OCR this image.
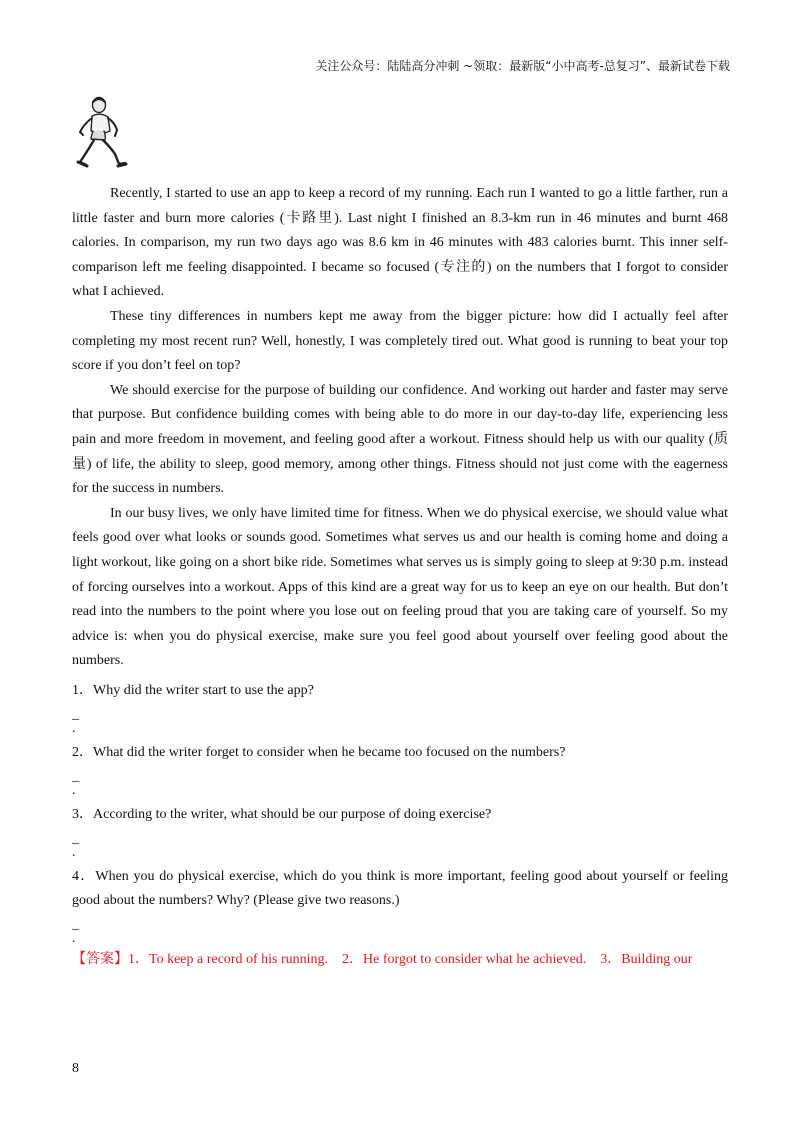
关注公众号：陆陆高分冲刺 ~领取：最新版“小中高考-总复习”、最新试卷下载

Recently, I started to use an app to keep a record of my running. Each run I wanted to go a little farther, run a little faster and burn more calories (卡路里). Last night I finished an 8.3-km run in 46 minutes and burnt 468 calories. In comparison, my run two days ago was 8.6 km in 46 minutes with 483 calories burnt. This inner self-comparison left me feeling disappointed. I became so focused (专注的) on the numbers that I forgot to consider what I achieved.

These tiny differences in numbers kept me away from the bigger picture: how did I actually feel after completing my most recent run? Well, honestly, I was completely tired out. What good is running to beat your top score if you don’t feel on top?

We should exercise for the purpose of building our confidence. And working out harder and faster may serve that purpose. But confidence building comes with being able to do more in our day-to-day life, experiencing less pain and more freedom in movement, and feeling good after a workout. Fitness should help us with our quality (质量) of life, the ability to sleep, good memory, among other things. Fitness should not just come with the eagerness for the success in numbers.

In our busy lives, we only have limited time for fitness. When we do physical exercise, we should value what feels good over what looks or sounds good. Sometimes what serves us and our health is coming home and doing a light workout, like going on a short bike ride. Sometimes what serves us is simply going to sleep at 9:30 p.m. instead of forcing ourselves into a workout. Apps of this kind are a great way for us to keep an eye on our health. But don’t read into the numbers to the point where you lose out on feeling proud that you are taking care of yourself. So my advice is: when you do physical exercise, make sure you feel good about yourself over feeling good about the numbers.

1．Why did the writer start to use the app?

_
.

2．What did the writer forget to consider when he became too focused on the numbers?

_
.

3．According to the writer, what should be our purpose of doing exercise?

_
.

4．When you do physical exercise, which do you think is more important, feeling good about yourself or feeling good about the numbers? Why? (Please give two reasons.)

_
.

【答案】1．To keep a record of his running.    2．He forgot to consider what he achieved.    3．Building our

8
